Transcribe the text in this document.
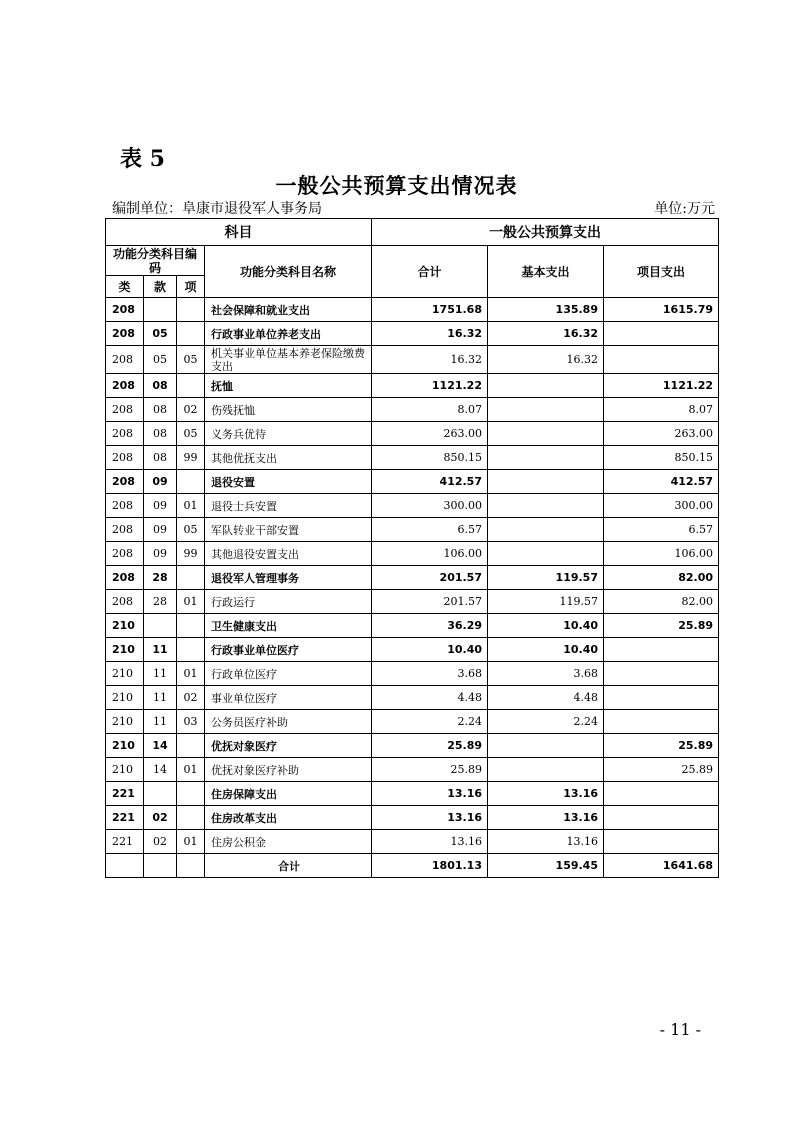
表 5
一般公共预算支出情况表
编制单位：阜康市退役军人事务局	单位:万元
科目				一般公共预算支出		
功能分类科目编码			功能分类科目名称	合计	基本支出	项目支出
类	款	项				
208			社会保障和就业支出	1751.68	135.89	1615.79
208	05		行政事业单位养老支出	16.32	16.32	
208	05	05	机关事业单位基本养老保险缴费支出	16.32	16.32	
208	08		抚恤	1121.22		1121.22
208	08	02	伤残抚恤	8.07		8.07
208	08	05	义务兵优待	263.00		263.00
208	08	99	其他优抚支出	850.15		850.15
208	09		退役安置	412.57		412.57
208	09	01	退役士兵安置	300.00		300.00
208	09	05	军队转业干部安置	6.57		6.57
208	09	99	其他退役安置支出	106.00		106.00
208	28		退役军人管理事务	201.57	119.57	82.00
208	28	01	行政运行	201.57	119.57	82.00
210			卫生健康支出	36.29	10.40	25.89
210	11		行政事业单位医疗	10.40	10.40	
210	11	01	行政单位医疗	3.68	3.68	
210	11	02	事业单位医疗	4.48	4.48	
210	11	03	公务员医疗补助	2.24	2.24	
210	14		优抚对象医疗	25.89		25.89
210	14	01	优抚对象医疗补助	25.89		25.89
221			住房保障支出	13.16	13.16	
221	02		住房改革支出	13.16	13.16	
221	02	01	住房公积金	13.16	13.16	
			合计	1801.13	159.45	1641.68
- 11 -
